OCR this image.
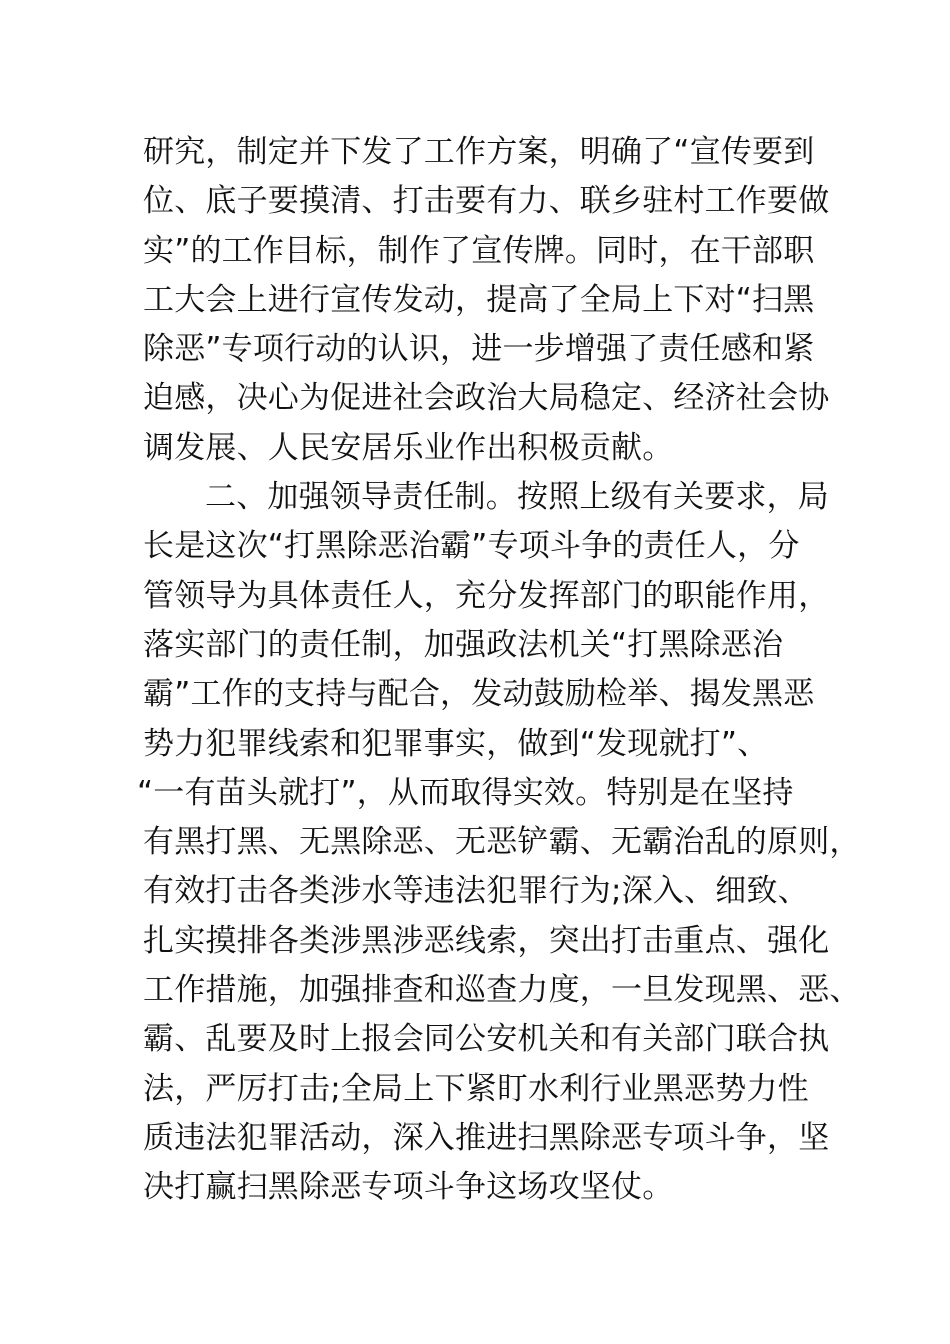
研究，制定并下发了工作方案，明确了“宣传要到
位、底子要摸清、打击要有力、联乡驻村工作要做
实”的工作目标，制作了宣传牌。同时，在干部职
工大会上进行宣传发动，提高了全局上下对“扫黑
除恶”专项行动的认识，进一步增强了责任感和紧
迫感，决心为促进社会政治大局稳定、经济社会协
调发展、人民安居乐业作出积极贡献。
二、加强领导责任制。按照上级有关要求，局
长是这次“打黑除恶治霸”专项斗争的责任人，分
管领导为具体责任人，充分发挥部门的职能作用，
落实部门的责任制，加强政法机关“打黑除恶治
霸”工作的支持与配合，发动鼓励检举、揭发黑恶
势力犯罪线索和犯罪事实，做到“发现就打”、
“一有苗头就打”，从而取得实效。特别是在坚持
有黑打黑、无黑除恶、无恶铲霸、无霸治乱的原则，
有效打击各类涉水等违法犯罪行为;深入、细致、
扎实摸排各类涉黑涉恶线索，突出打击重点、强化
工作措施，加强排查和巡查力度，一旦发现黑、恶、
霸、乱要及时上报会同公安机关和有关部门联合执
法，严厉打击;全局上下紧盯水利行业黑恶势力性
质违法犯罪活动，深入推进扫黑除恶专项斗争，坚
决打赢扫黑除恶专项斗争这场攻坚仗。
